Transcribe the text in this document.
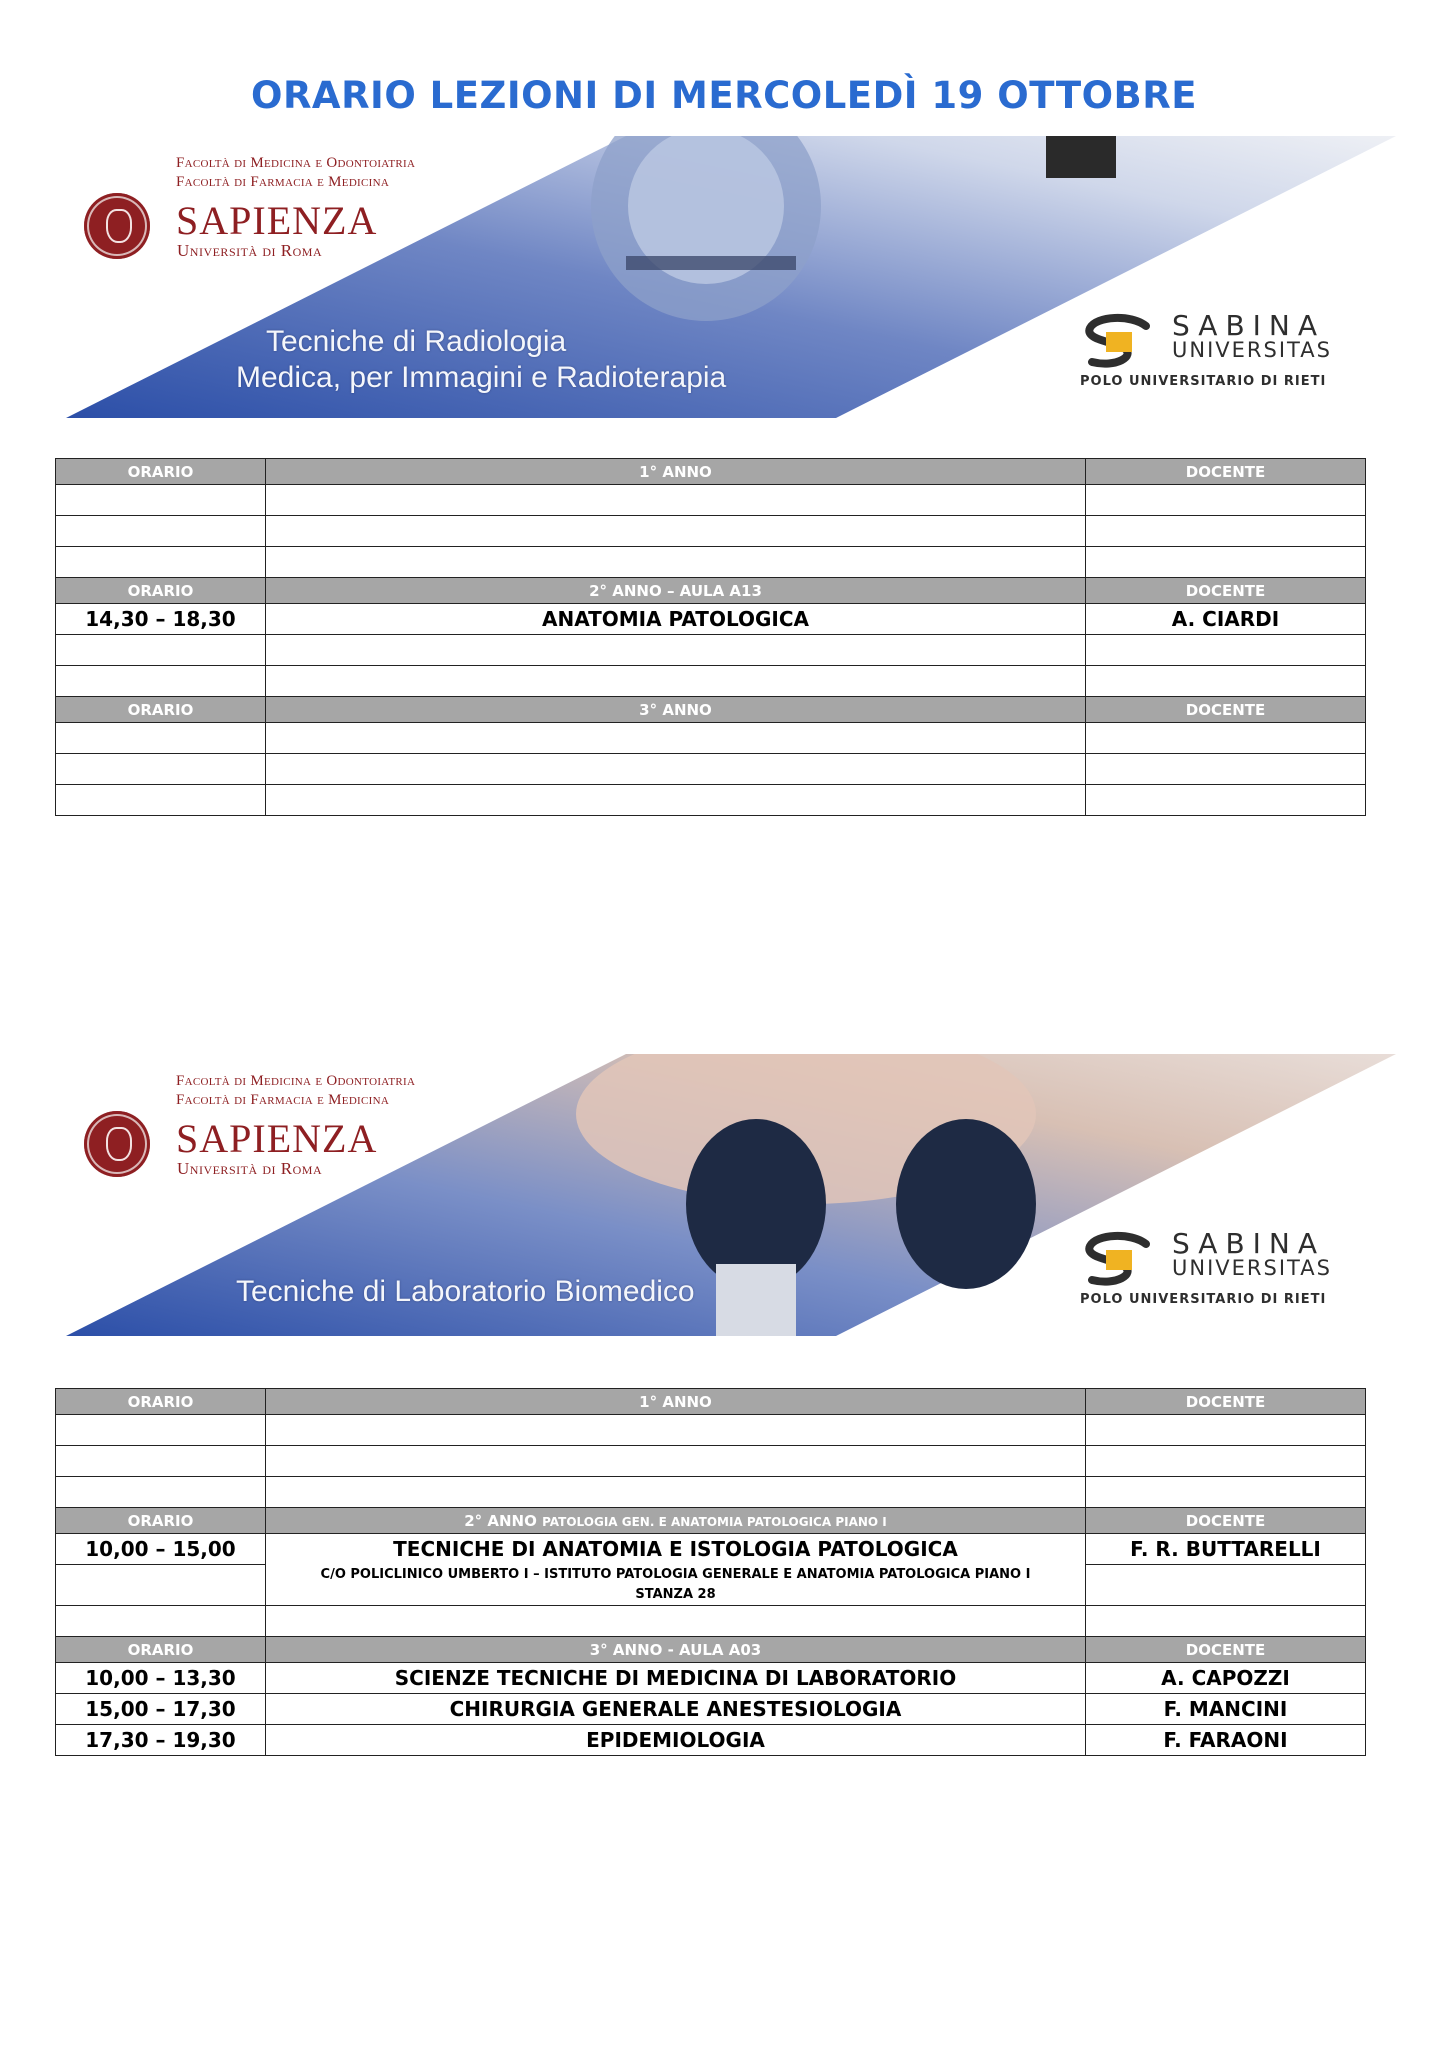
ORARIO LEZIONI DI MERCOLEDÌ 19 OTTOBRE
Facoltà di Medicina e Odontoiatria
Facoltà di Farmacia e Medicina
SAPIENZA
Università di Roma
Tecniche di Radiologia
Medica, per Immagini e Radioterapia
SABINA
UNIVERSITAS
POLO UNIVERSITARIO DI RIETI
ORARIO	1° ANNO	DOCENTE

ORARIO	2° ANNO – AULA A13	DOCENTE
14,30 – 18,30	ANATOMIA PATOLOGICA	A. CIARDI

ORARIO	3° ANNO	DOCENTE

Facoltà di Medicina e Odontoiatria
Facoltà di Farmacia e Medicina
SAPIENZA
Università di Roma
Tecniche di Laboratorio Biomedico
SABINA
UNIVERSITAS
POLO UNIVERSITARIO DI RIETI
ORARIO	1° ANNO	DOCENTE

ORARIO	2° ANNO PATOLOGIA GEN. E ANATOMIA PATOLOGICA PIANO I	DOCENTE
10,00 – 15,00	TECNICHE DI ANATOMIA E ISTOLOGIA PATOLOGICA	F. R. BUTTARELLI
	C/O POLICLINICO UMBERTO I – ISTITUTO PATOLOGIA GENERALE E ANATOMIA PATOLOGICA PIANO I STANZA 28	

ORARIO	3° ANNO - AULA A03	DOCENTE
10,00 – 13,30	SCIENZE TECNICHE DI MEDICINA DI LABORATORIO	A. CAPOZZI
15,00 – 17,30	CHIRURGIA GENERALE ANESTESIOLOGIA	F. MANCINI
17,30 – 19,30	EPIDEMIOLOGIA	F. FARAONI
